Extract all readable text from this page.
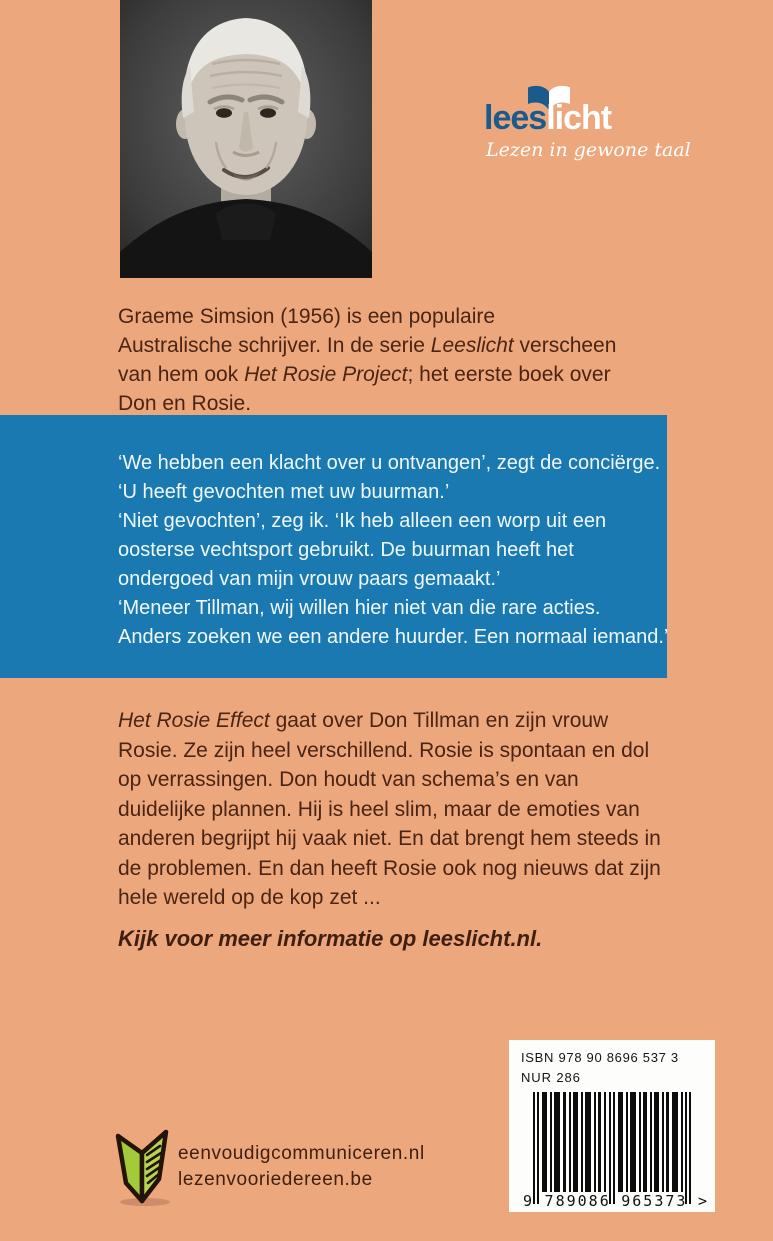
leeslicht
Lezen in gewone taal
Graeme Simsion (1956) is een populaire  Australische schrijver. In de serie Leeslicht verscheen van hem ook Het Rosie Project; het eerste boek over Don en Rosie.
‘We hebben een klacht over u ontvangen’, zegt de conciërge.
‘U heeft gevochten met uw buurman.’
‘Niet gevochten’, zeg ik. ‘Ik heb alleen een worp uit een
oosterse vechtsport gebruikt. De buurman heeft het
ondergoed van mijn vrouw paars gemaakt.’
‘Meneer Tillman, wij willen hier niet van die rare acties.
Anders zoeken we een andere huurder. Een normaal iemand.’
Het Rosie Effect gaat over Don Tillman en zijn vrouw Rosie. Ze zijn heel verschillend. Rosie is spontaan en dol op verrassingen. Don houdt van schema’s en van duidelijke plannen. Hij is heel slim, maar de emoties van anderen begrijpt hij vaak niet. En dat brengt hem steeds in de problemen. En dan heeft Rosie ook nog nieuws dat zijn hele wereld op de kop zet ...
Kijk voor meer informatie op leeslicht.nl.
ISBN 978 90 8696 537 3
NUR 286
9 789086 965373 >
eenvoudigcommuniceren.nl
lezenvooriedereen.be
